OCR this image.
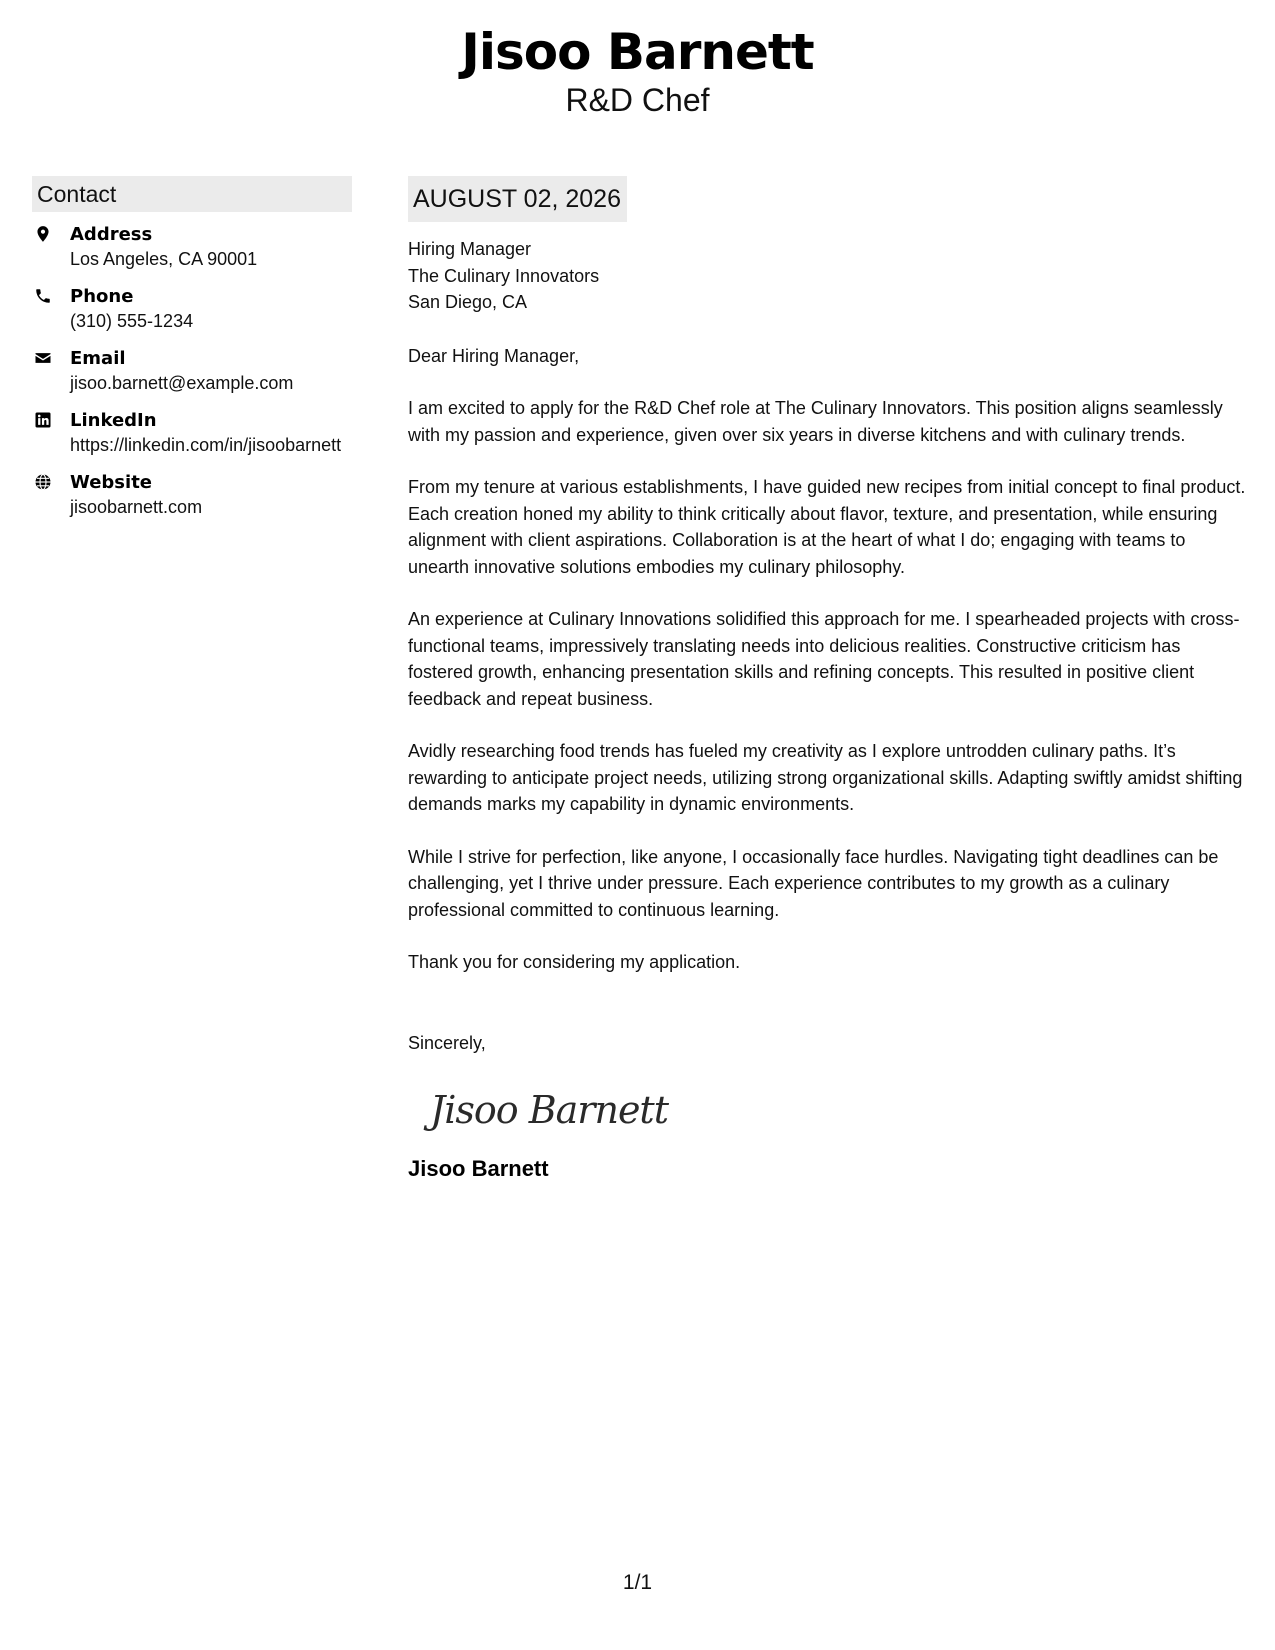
Jisoo Barnett
R&D Chef
Contact
Address
Los Angeles, CA 90001
Phone
(310) 555-1234
Email
jisoo.barnett@example.com
LinkedIn
https://linkedin.com/in/jisoobarnett
Website
jisoobarnett.com
AUGUST 02, 2026
Hiring Manager
The Culinary Innovators
San Diego, CA
Dear Hiring Manager,
I am excited to apply for the R&D Chef role at The Culinary Innovators. This position aligns seamlessly with my passion and experience, given over six years in diverse kitchens and with culinary trends.
From my tenure at various establishments, I have guided new recipes from initial concept to final product. Each creation honed my ability to think critically about flavor, texture, and presentation, while ensuring alignment with client aspirations. Collaboration is at the heart of what I do; engaging with teams to unearth innovative solutions embodies my culinary philosophy.
An experience at Culinary Innovations solidified this approach for me. I spearheaded projects with cross-functional teams, impressively translating needs into delicious realities. Constructive criticism has fostered growth, enhancing presentation skills and refining concepts. This resulted in positive client feedback and repeat business.
Avidly researching food trends has fueled my creativity as I explore untrodden culinary paths. It’s rewarding to anticipate project needs, utilizing strong organizational skills. Adapting swiftly amidst shifting demands marks my capability in dynamic environments.
While I strive for perfection, like anyone, I occasionally face hurdles. Navigating tight deadlines can be challenging, yet I thrive under pressure. Each experience contributes to my growth as a culinary professional committed to continuous learning.
Thank you for considering my application.
Sincerely,
Jisoo Barnett
Jisoo Barnett
1/1
